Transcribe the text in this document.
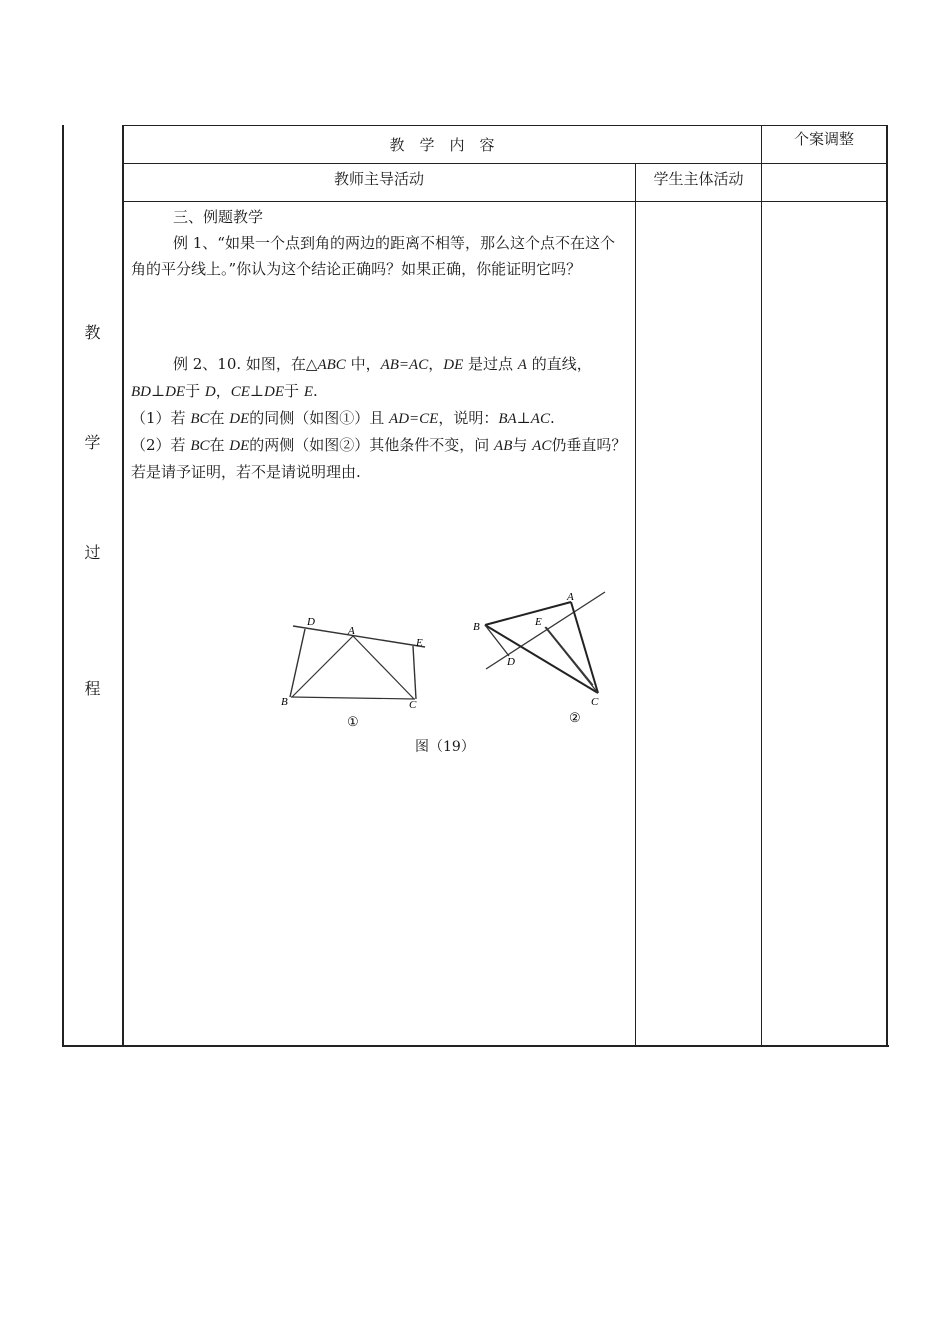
教　学　内　容	个案调整
教师主导活动	学生主体活动
教
学
过
程

三、例题教学

例 1、“如果一个点到角的两边的距离不相等，那么这个点不在这个角的平分线上。”你认为这个结论正确吗？如果正确，你能证明它吗？

例 2、10. 如图，在△ABC 中，AB=AC，DE 是过点 A 的直线，BD⊥DE于 D，CE⊥DE于 E.

（1）若 BC在 DE的同侧（如图①）且 AD=CE，说明：BA⊥AC.

（2）若 BC在 DE的两侧（如图②）其他条件不变，问 AB与 AC仍垂直吗？若是请予证明，若不是请说明理由.

D
A
E
B	C
①
A
B	E
D
C
②
图（19）
